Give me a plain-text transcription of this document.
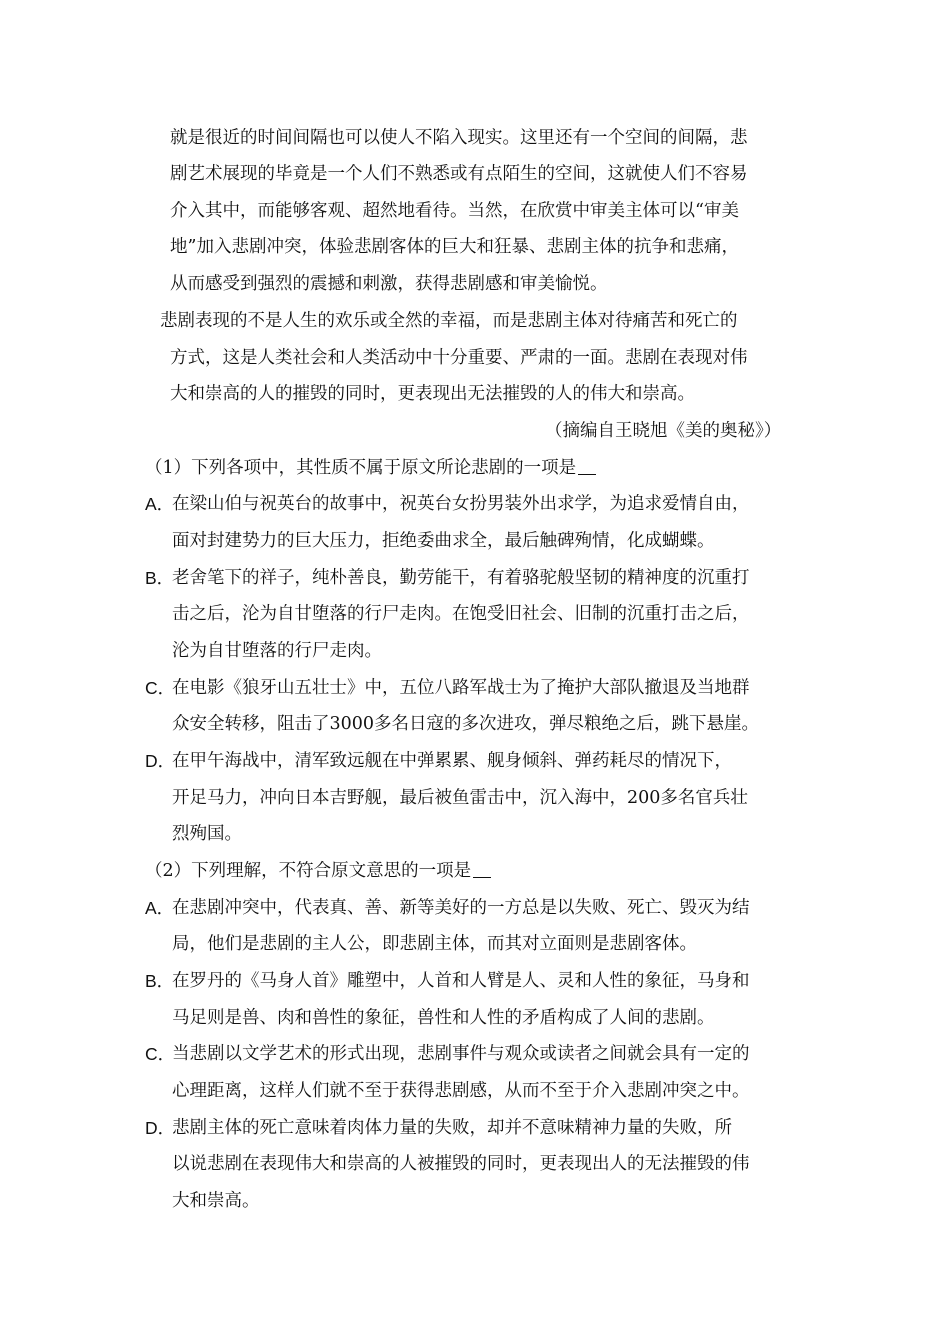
就是很近的时间间隔也可以使人不陷入现实。这里还有一个空间的间隔，悲
剧艺术展现的毕竟是一个人们不熟悉或有点陌生的空间，这就使人们不容易
介入其中，而能够客观、超然地看待。当然，在欣赏中审美主体可以“审美
地”加入悲剧冲突，体验悲剧客体的巨大和狂暴、悲剧主体的抗争和悲痛，
从而感受到强烈的震撼和刺激，获得悲剧感和审美愉悦。
悲剧表现的不是人生的欢乐或全然的幸福，而是悲剧主体对待痛苦和死亡的
方式，这是人类社会和人类活动中十分重要、严肃的一面。悲剧在表现对伟
大和崇高的人的摧毁的同时，更表现出无法摧毁的人的伟大和崇高。
（摘编自王晓旭《美的奥秘》）
（1）下列各项中，其性质不属于原文所论悲剧的一项是
A．
在梁山伯与祝英台的故事中，祝英台女扮男装外出求学，为追求爱情自由，
面对封建势力的巨大压力，拒绝委曲求全，最后触碑殉情，化成蝴蝶。
B．
老舍笔下的祥子，纯朴善良，勤劳能干，有着骆驼般坚韧的精神度的沉重打
击之后，沦为自甘堕落的行尸走肉。在饱受旧社会、旧制的沉重打击之后，
沦为自甘堕落的行尸走肉。
C．
在电影《狼牙山五壮士》中，五位八路军战士为了掩护大部队撤退及当地群
众安全转移，阻击了3000多名日寇的多次进攻，弹尽粮绝之后，跳下悬崖。
D．
在甲午海战中，清军致远舰在中弹累累、舰身倾斜、弹药耗尽的情况下，
开足马力，冲向日本吉野舰，最后被鱼雷击中，沉入海中，200多名官兵壮
烈殉国。
（2）下列理解，不符合原文意思的一项是
A．
在悲剧冲突中，代表真、善、新等美好的一方总是以失败、死亡、毁灭为结
局，他们是悲剧的主人公，即悲剧主体，而其对立面则是悲剧客体。
B．
在罗丹的《马身人首》雕塑中，人首和人臂是人、灵和人性的象征，马身和
马足则是兽、肉和兽性的象征，兽性和人性的矛盾构成了人间的悲剧。
C．
当悲剧以文学艺术的形式出现，悲剧事件与观众或读者之间就会具有一定的
心理距离，这样人们就不至于获得悲剧感，从而不至于介入悲剧冲突之中。
D．
悲剧主体的死亡意味着肉体力量的失败，却并不意味精神力量的失败，所
以说悲剧在表现伟大和崇高的人被摧毁的同时，更表现出人的无法摧毁的伟
大和崇高。
